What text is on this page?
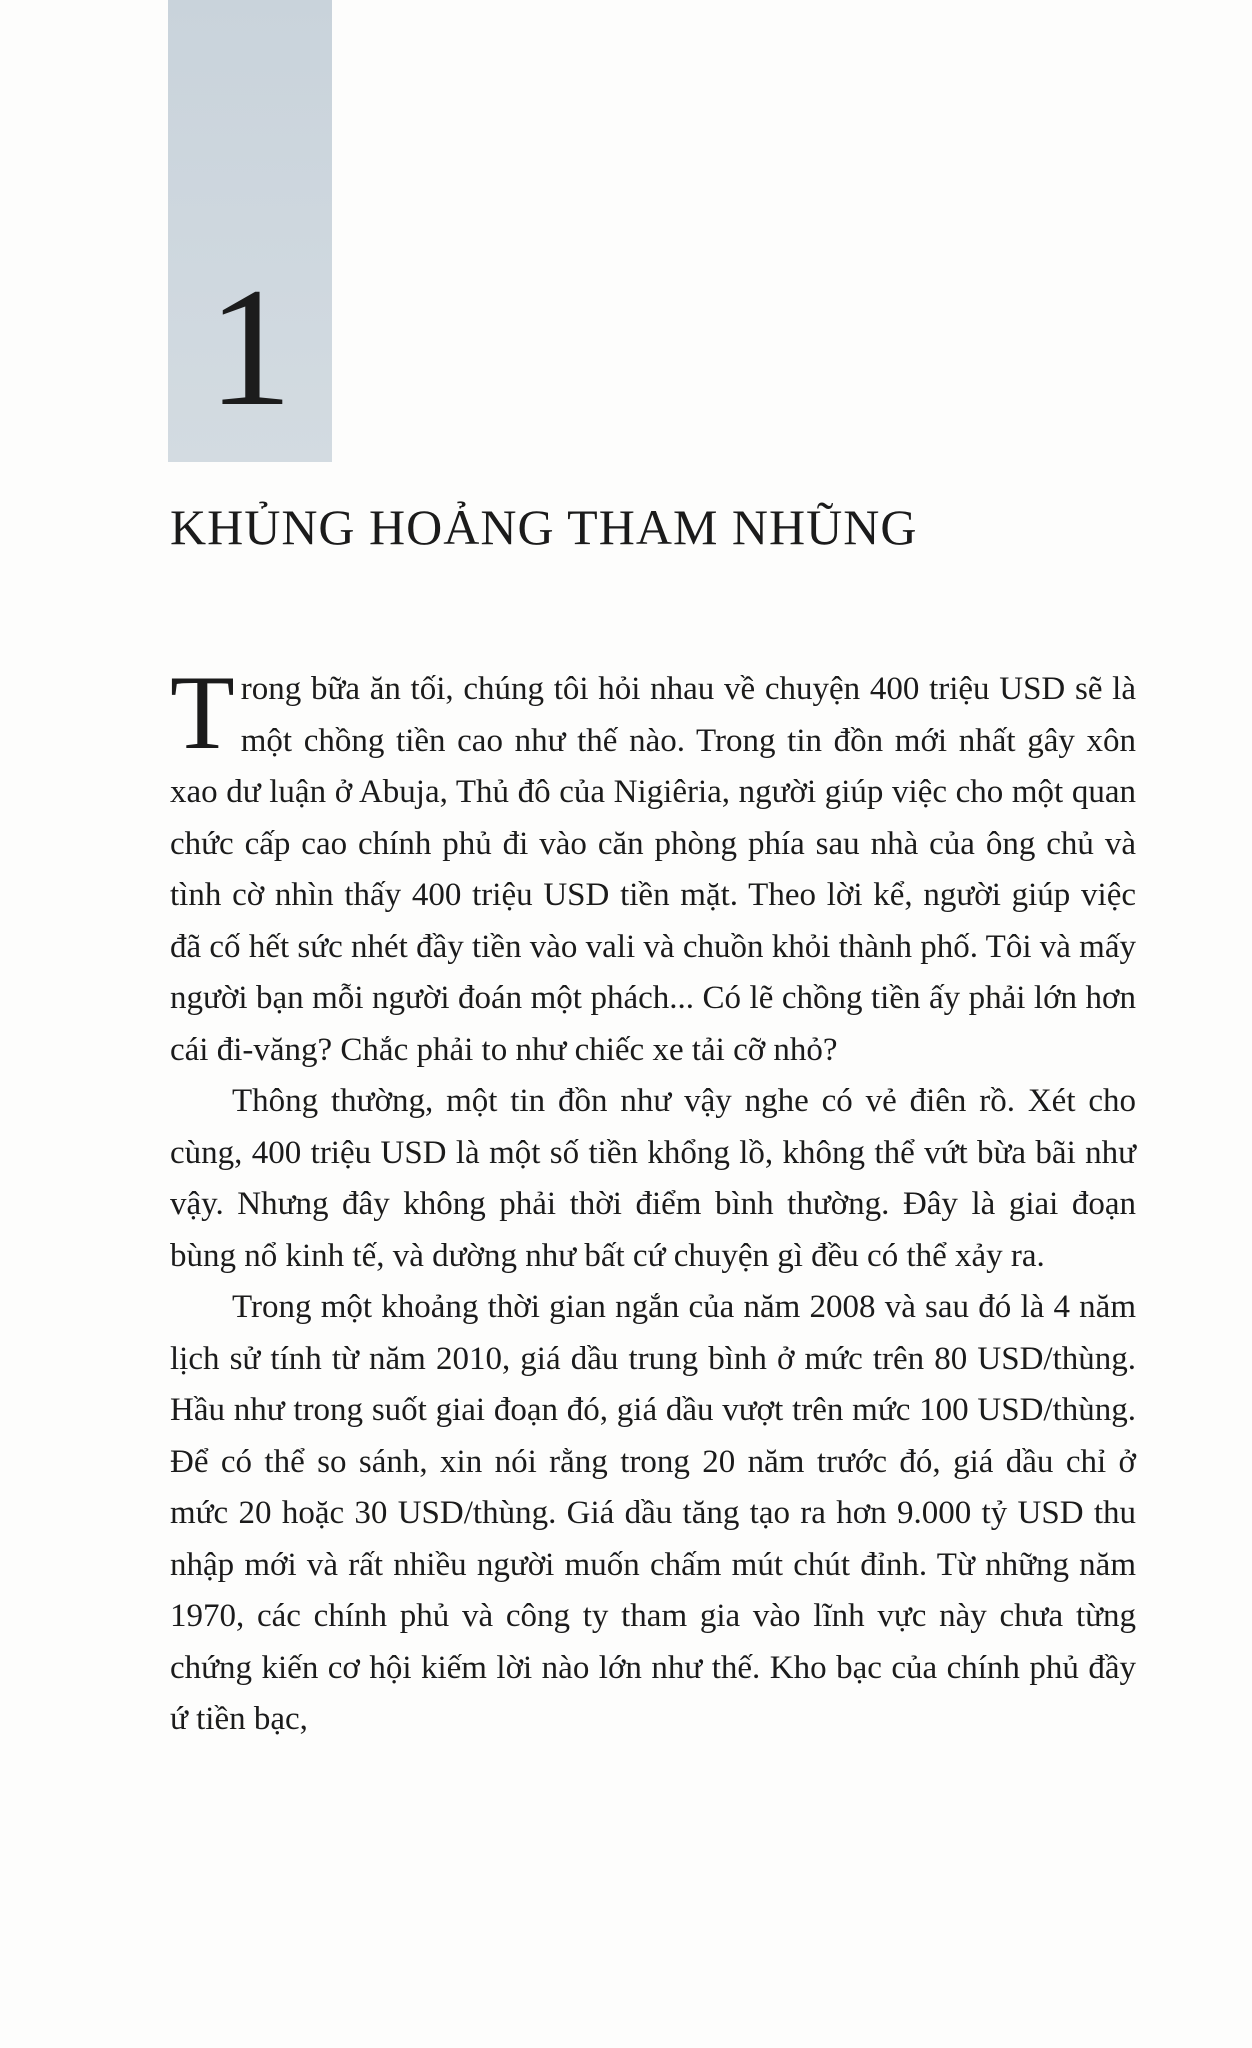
1
KHỦNG HOẢNG THAM NHŨNG

Trong bữa ăn tối, chúng tôi hỏi nhau về chuyện 400 triệu USD sẽ là một chồng tiền cao như thế nào. Trong tin đồn mới nhất gây xôn xao dư luận ở Abuja, Thủ đô của Nigiêria, người giúp việc cho một quan chức cấp cao chính phủ đi vào căn phòng phía sau nhà của ông chủ và tình cờ nhìn thấy 400 triệu USD tiền mặt. Theo lời kể, người giúp việc đã cố hết sức nhét đầy tiền vào vali và chuồn khỏi thành phố. Tôi và mấy người bạn mỗi người đoán một phách... Có lẽ chồng tiền ấy phải lớn hơn cái đi-văng? Chắc phải to như chiếc xe tải cỡ nhỏ?

Thông thường, một tin đồn như vậy nghe có vẻ điên rồ. Xét cho cùng, 400 triệu USD là một số tiền khổng lồ, không thể vứt bừa bãi như vậy. Nhưng đây không phải thời điểm bình thường. Đây là giai đoạn bùng nổ kinh tế, và dường như bất cứ chuyện gì đều có thể xảy ra.

Trong một khoảng thời gian ngắn của năm 2008 và sau đó là 4 năm lịch sử tính từ năm 2010, giá dầu trung bình ở mức trên 80 USD/thùng. Hầu như trong suốt giai đoạn đó, giá dầu vượt trên mức 100 USD/thùng. Để có thể so sánh, xin nói rằng trong 20 năm trước đó, giá dầu chỉ ở mức 20 hoặc 30 USD/thùng. Giá dầu tăng tạo ra hơn 9.000 tỷ USD thu nhập mới và rất nhiều người muốn chấm mút chút đỉnh. Từ những năm 1970, các chính phủ và công ty tham gia vào lĩnh vực này chưa từng chứng kiến cơ hội kiếm lời nào lớn như thế. Kho bạc của chính phủ đầy ứ tiền bạc,
